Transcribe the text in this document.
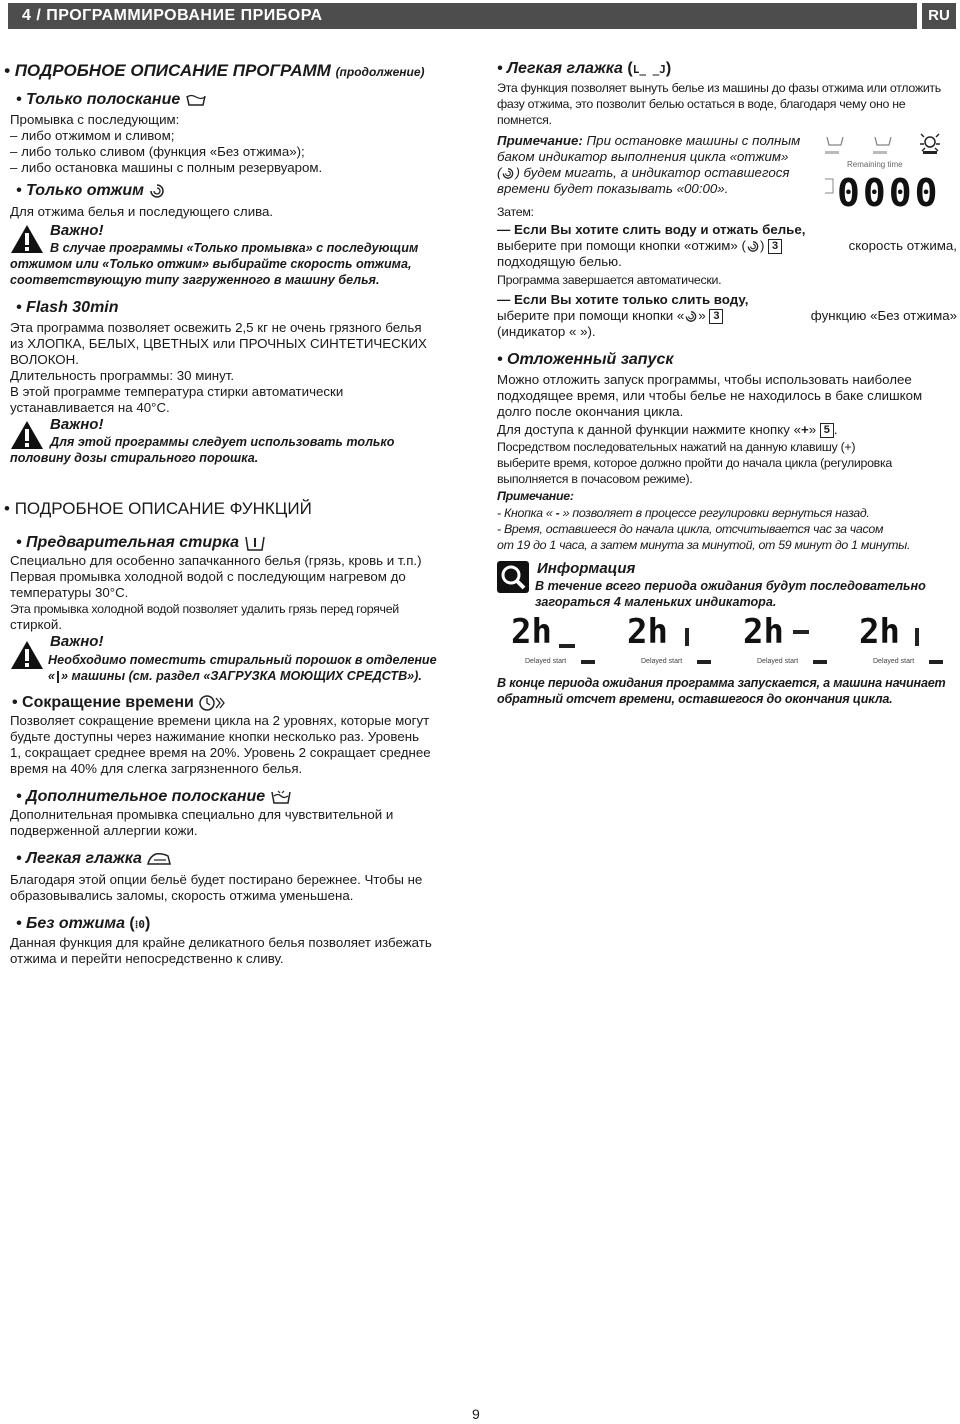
4 / ПРОГРАММИРОВАНИЕ ПРИБОРА	RU
• ПОДРОБНОЕ ОПИСАНИЕ ПРОГРАММ (продолжение)
• Только полоскание
Промывка с последующим:
– либо отжимом и сливом;
– либо только сливом (функция «Без отжима»);
– либо остановка машины с полным резервуаром.
• Только отжим
Для отжима белья и последующего слива.
Важно!
В случае программы «Только промывка» с последующим
отжимом или «Только отжим» выбирайте скорость отжима,
соответствующую типу загруженного в машину белья.
• Flash 30min
Эта программа позволяет освежить 2,5 кг не очень грязного белья
из ХЛОПКА, БЕЛЫХ, ЦВЕТНЫХ или ПРОЧНЫХ СИНТЕТИЧЕСКИХ
ВОЛОКОН.
Длительность программы: 30 минут.
В этой программе температура стирки автоматически
устанавливается на 40°C.
Важно!
Для этой программы следует использовать только
половину дозы стирального порошка.
• ПОДРОБНОЕ ОПИСАНИЕ ФУНКЦИЙ
• Предварительная стирка
Специально для особенно запачканного белья (грязь, кровь и т.п.)
Первая промывка холодной водой с последующим нагревом до
температуры 30°C.
Эта промывка холодной водой позволяет удалить грязь перед горячей
стиркой.
Важно!
Необходимо поместить стиральный порошок в отделение
« » машины (см. раздел «ЗАГРУЗКА МОЮЩИХ СРЕДСТВ»).
• Сокращение времени
Позволяет сокращение времени цикла на 2 уровнях, которые могут
будьте доступны через нажимание кнопки несколько раз. Уровень
1, сокращает среднее время на 20%. Уровень 2 сокращает среднее
время на 40% для слегка загрязненного белья.
• Дополнительное полоскание
Дополнительная промывка специально для чувствительной и
подверженной аллергии кожи.
• Легкая глажка
Благодаря этой опции бельё будет постирано бережнее. Чтобы не
образовывались заломы, скорость отжима уменьшена.
• Без отжима (⁞0)
Данная функция для крайне деликатного белья позволяет избежать
отжима и перейти непосредственно к сливу.
• Легкая глажка (L_ _J)
Эта функция позволяет вынуть белье из машины до фазы отжима или отложить
фазу отжима, это позволит белью остаться в воде, благодаря чему оно не
помнется.
Примечание: При остановке машины с полным
баком индикатор выполнения цикла «отжим»
( ) будем мигать, а индикатор оставшегося
времени будет показывать «00:00».
Remaining time
0000
Затем:
— Если Вы хотите слить воду и отжать белье,
выберите при помощи кнопки «отжим» ( ) 3	скорость отжима,
подходящую белью.
Программа завершается автоматически.
— Если Вы хотите только слить воду,
ыберите при помощи кнопки « » 3	функцию «Без отжима»
(индикатор « »).
• Отложенный запуск
Можно отложить запуск программы, чтобы использовать наиболее
подходящее время, или чтобы белье не находилось в баке слишком
долго после окончания цикла.
Для доступа к данной функции нажмите кнопку «+» 5 .
Посредством последовательных нажатий на данную клавишу (+)
выберите время, которое должно пройти до начала цикла (регулировка
выполняется в почасовом режиме).
Примечание:
- Кнопка « - » позволяет в процессе регулировки вернуться назад.
- Время, оставшееся до начала цикла, отсчитывается час за часом
от 19 до 1 часа, а затем минута за минутой, от 59 минут до 1 минуты.
Информация
В течение всего периода ожидания будут последовательно
загораться 4 маленьких индикатора.
2h
Delayed start
2h
Delayed start
2h
Delayed start
2h
Delayed start
В конце периода ожидания программа запускается, а машина начинает
обратный отсчет времени, оставшегося до окончания цикла.
9
